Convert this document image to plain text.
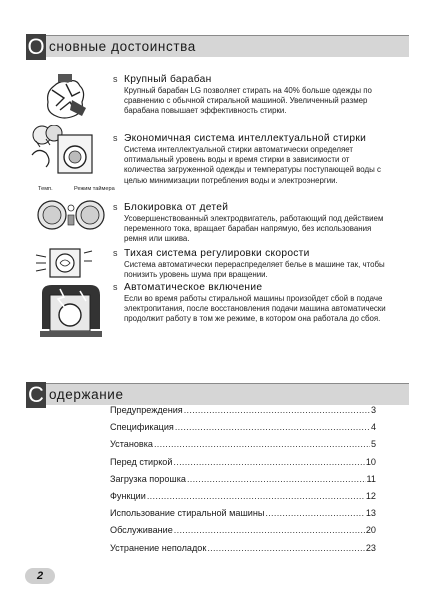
О сновные достоинства
Темп.	Режим таймера
s Крупный барабан
Крупный барабан LG позволяет стирать на 40% больше одежды по сравнению с обычной стиральной машиной. Увеличенный размер барабана повышает эффективность стирки.
s Экономичная система интеллектуальной стирки
Система интеллектуальной стирки автоматически определяет оптимальный уровень воды и время стирки в зависимости от количества загруженной одежды и температуры поступающей воды с целью минимизации потребления воды и электроэнергии.
s Блокировка от детей
Усовершенствованный электродвигатель, работающий под действием переменного тока, вращает барабан напрямую, без использования ремня или шкива.
s Тихая система регулировки скорости
Система автоматически перераспределяет белье в машине так, чтобы понизить уровень шума при вращении.
s Автоматическое включение
Если во время работы стиральной машины произойдет сбой в подаче электропитания, после восстановления подачи машина автоматически продолжит работу в том же режиме, в котором она работала до сбоя.
С одержание
Предупреждения .....	3
Спецификация .....	4
Установка .....	5
Перед стиркой .....	10
Загрузка порошка .....	11
Функции .....	12
Использование стиральной машины .....	13
Обслуживание .....	20
Устранение неполадок .....	23
2
